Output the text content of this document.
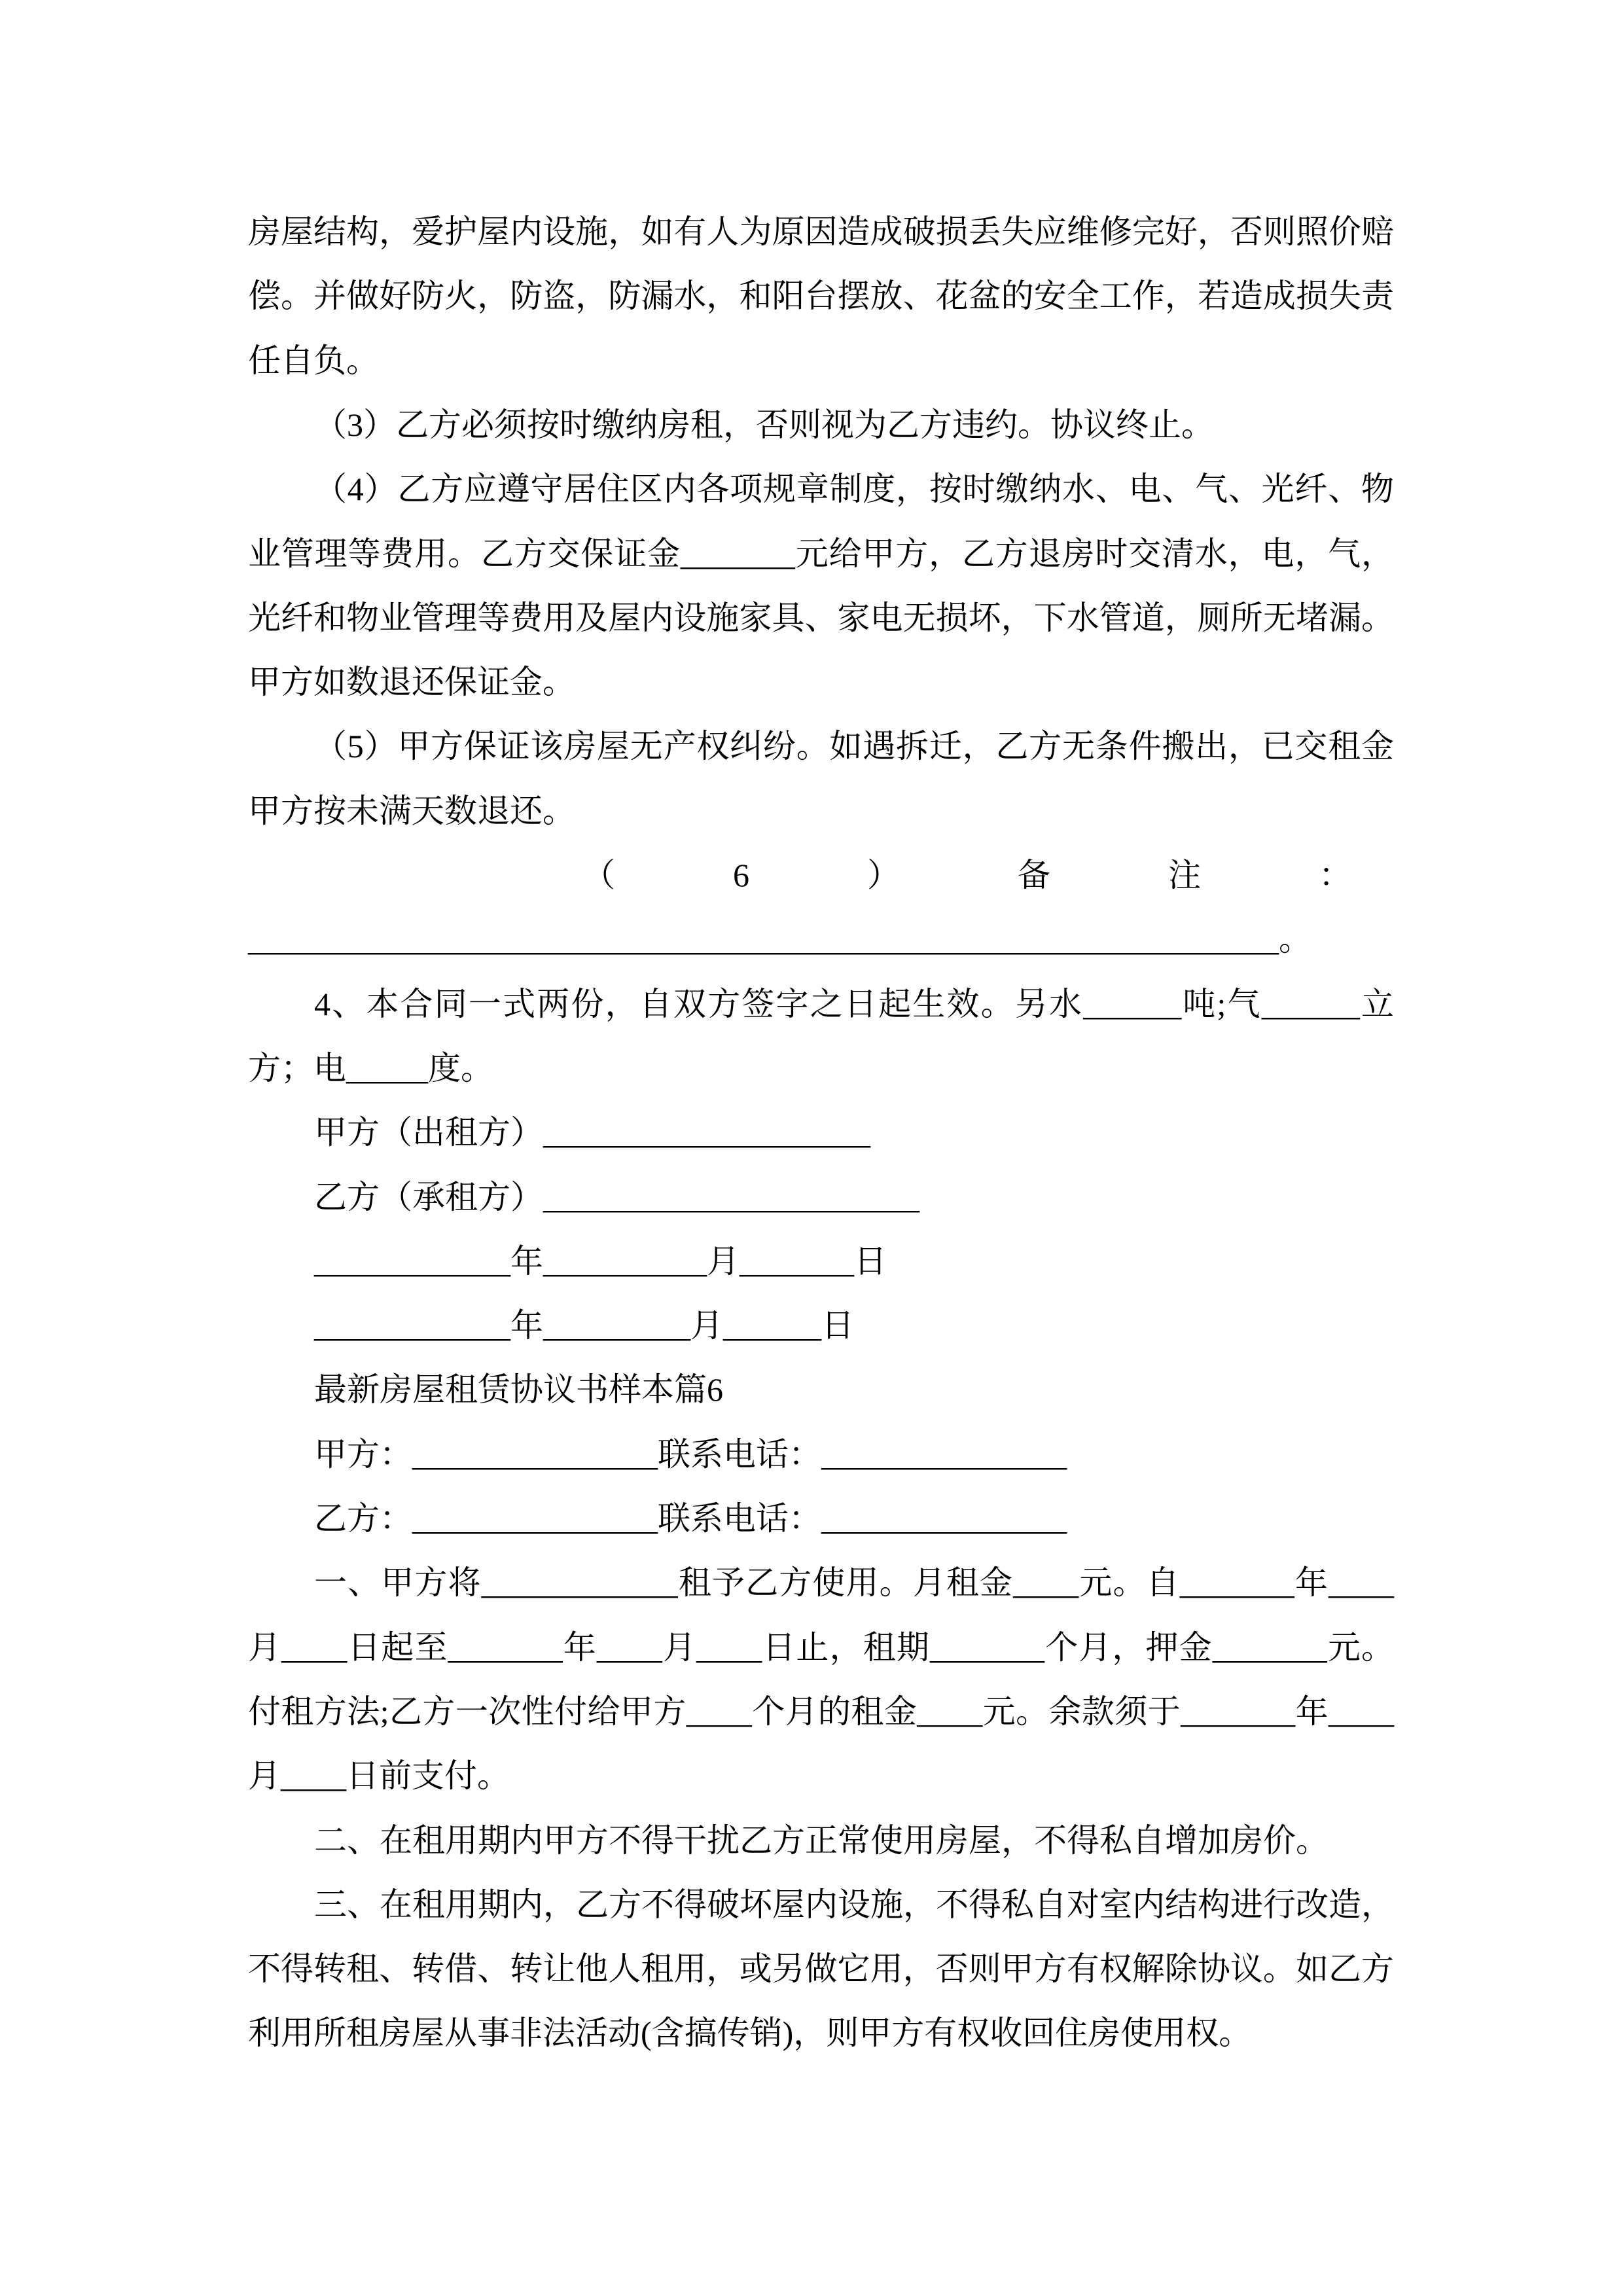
房屋结构，爱护屋内设施，如有人为原因造成破损丢失应维修完好，否则照价赔
偿。并做好防火，防盗，防漏水，和阳台摆放、花盆的安全工作，若造成损失责
任自负。
（3）乙方必须按时缴纳房租，否则视为乙方违约。协议终止。
（4）乙方应遵守居住区内各项规章制度，按时缴纳水、电、气、光纤、物
业管理等费用。乙方交保证金_______元给甲方，乙方退房时交清水，电，气，
光纤和物业管理等费用及屋内设施家具、家电无损坏，下水管道，厕所无堵漏。
甲方如数退还保证金。
（5）甲方保证该房屋无产权纠纷。如遇拆迁，乙方无条件搬出，已交租金
甲方按未满天数退还。
（6）备注：
_______________________________________________________________。
4、本合同一式两份，自双方签字之日起生效。另水______吨;气______立
方；电_____度。
甲方（出租方）____________________
乙方（承租方）_______________________
____________年__________月_______日
____________年_________月______日
最新房屋租赁协议书样本篇6
甲方：_______________联系电话：_______________
乙方：_______________联系电话：_______________
一、甲方将____________租予乙方使用。月租金____元。自_______年____
月____日起至_______年____月____日止，租期_______个月，押金_______元。
付租方法;乙方一次性付给甲方____个月的租金____元。余款须于_______年____
月____日前支付。
二、在租用期内甲方不得干扰乙方正常使用房屋，不得私自增加房价。
三、在租用期内，乙方不得破坏屋内设施，不得私自对室内结构进行改造，
不得转租、转借、转让他人租用，或另做它用，否则甲方有权解除协议。如乙方
利用所租房屋从事非法活动(含搞传销)，则甲方有权收回住房使用权。
